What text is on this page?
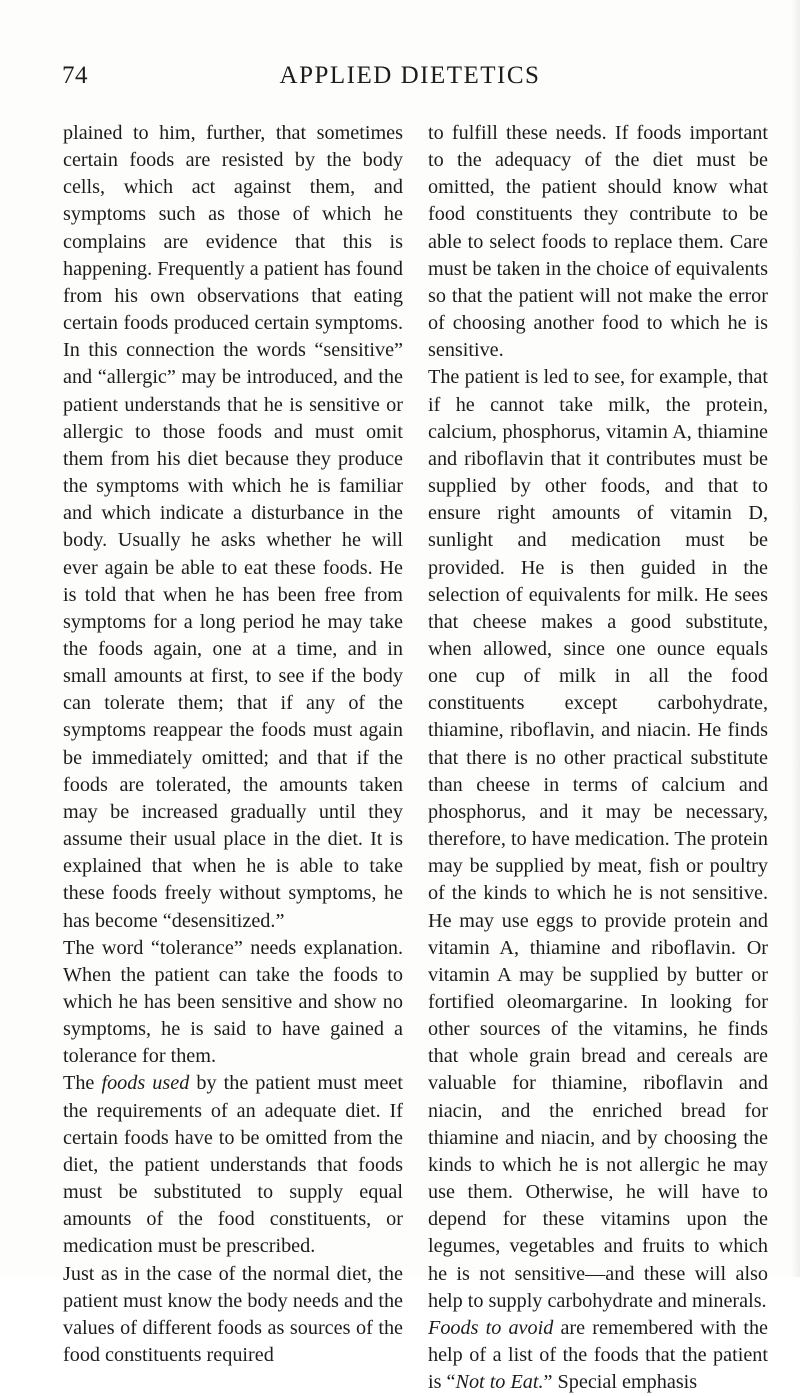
74	APPLIED DIETETICS

plained to him, further, that sometimes certain foods are resisted by the body cells, which act against them, and symptoms such as those of which he complains are evidence that this is happening. Frequently a patient has found from his own observations that eating certain foods produced certain symptoms. In this connection the words “sensitive” and “allergic” may be introduced, and the patient understands that he is sensitive or allergic to those foods and must omit them from his diet because they produce the symptoms with which he is familiar and which indicate a disturbance in the body. Usually he asks whether he will ever again be able to eat these foods. He is told that when he has been free from symptoms for a long period he may take the foods again, one at a time, and in small amounts at first, to see if the body can tolerate them; that if any of the symptoms reappear the foods must again be immediately omitted; and that if the foods are tolerated, the amounts taken may be increased gradually until they assume their usual place in the diet. It is explained that when he is able to take these foods freely without symptoms, he has become “desensitized.”

The word “tolerance” needs explanation. When the patient can take the foods to which he has been sensitive and show no symptoms, he is said to have gained a tolerance for them.

The foods used by the patient must meet the requirements of an adequate diet. If certain foods have to be omitted from the diet, the patient understands that foods must be substituted to supply equal amounts of the food constituents, or medication must be prescribed.

Just as in the case of the normal diet, the patient must know the body needs and the values of different foods as sources of the food constituents required

to fulfill these needs. If foods important to the adequacy of the diet must be omitted, the patient should know what food constituents they contribute to be able to select foods to replace them. Care must be taken in the choice of equivalents so that the patient will not make the error of choosing another food to which he is sensitive.

The patient is led to see, for example, that if he cannot take milk, the protein, calcium, phosphorus, vitamin A, thiamine and riboflavin that it contributes must be supplied by other foods, and that to ensure right amounts of vitamin D, sunlight and medication must be provided. He is then guided in the selection of equivalents for milk. He sees that cheese makes a good substitute, when allowed, since one ounce equals one cup of milk in all the food constituents except carbohydrate, thiamine, riboflavin, and niacin. He finds that there is no other practical substitute than cheese in terms of calcium and phosphorus, and it may be necessary, therefore, to have medication. The protein may be supplied by meat, fish or poultry of the kinds to which he is not sensitive. He may use eggs to provide protein and vitamin A, thiamine and riboflavin. Or vitamin A may be supplied by butter or fortified oleomargarine. In looking for other sources of the vitamins, he finds that whole grain bread and cereals are valuable for thiamine, riboflavin and niacin, and the enriched bread for thiamine and niacin, and by choosing the kinds to which he is not allergic he may use them. Otherwise, he will have to depend for these vitamins upon the legumes, vegetables and fruits to which he is not sensitive—and these will also help to supply carbohydrate and minerals.

Foods to avoid are remembered with the help of a list of the foods that the patient is “Not to Eat.” Special emphasis
